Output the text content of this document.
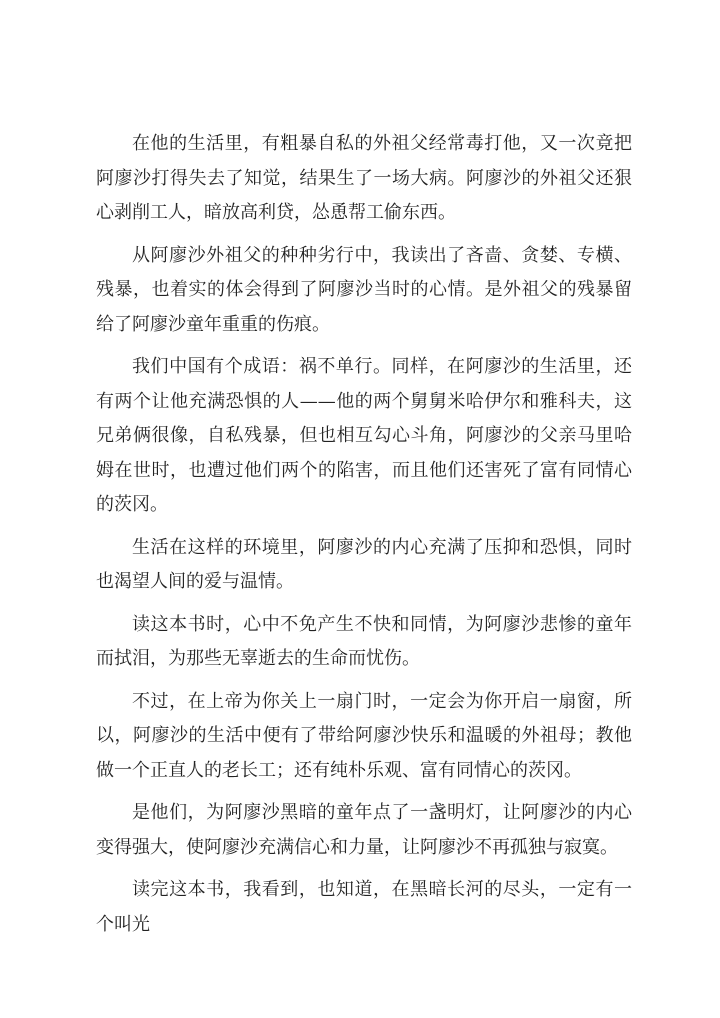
在他的生活里，有粗暴自私的外祖父经常毒打他，又一次竟把阿廖沙打得失去了知觉，结果生了一场大病。阿廖沙的外祖父还狠心剥削工人，暗放高利贷，怂恿帮工偷东西。

从阿廖沙外祖父的种种劣行中，我读出了吝啬、贪婪、专横、残暴，也着实的体会得到了阿廖沙当时的心情。是外祖父的残暴留给了阿廖沙童年重重的伤痕。

我们中国有个成语：祸不单行。同样，在阿廖沙的生活里，还有两个让他充满恐惧的人——他的两个舅舅米哈伊尔和雅科夫，这兄弟俩很像，自私残暴，但也相互勾心斗角，阿廖沙的父亲马里哈姆在世时，也遭过他们两个的陷害，而且他们还害死了富有同情心的茨冈。

生活在这样的环境里，阿廖沙的内心充满了压抑和恐惧，同时也渴望人间的爱与温情。

读这本书时，心中不免产生不快和同情，为阿廖沙悲惨的童年而拭泪，为那些无辜逝去的生命而忧伤。

不过，在上帝为你关上一扇门时，一定会为你开启一扇窗，所以，阿廖沙的生活中便有了带给阿廖沙快乐和温暖的外祖母；教他做一个正直人的老长工；还有纯朴乐观、富有同情心的茨冈。

是他们，为阿廖沙黑暗的童年点了一盏明灯，让阿廖沙的内心变得强大，使阿廖沙充满信心和力量，让阿廖沙不再孤独与寂寞。

读完这本书，我看到，也知道，在黑暗长河的尽头，一定有一个叫光
